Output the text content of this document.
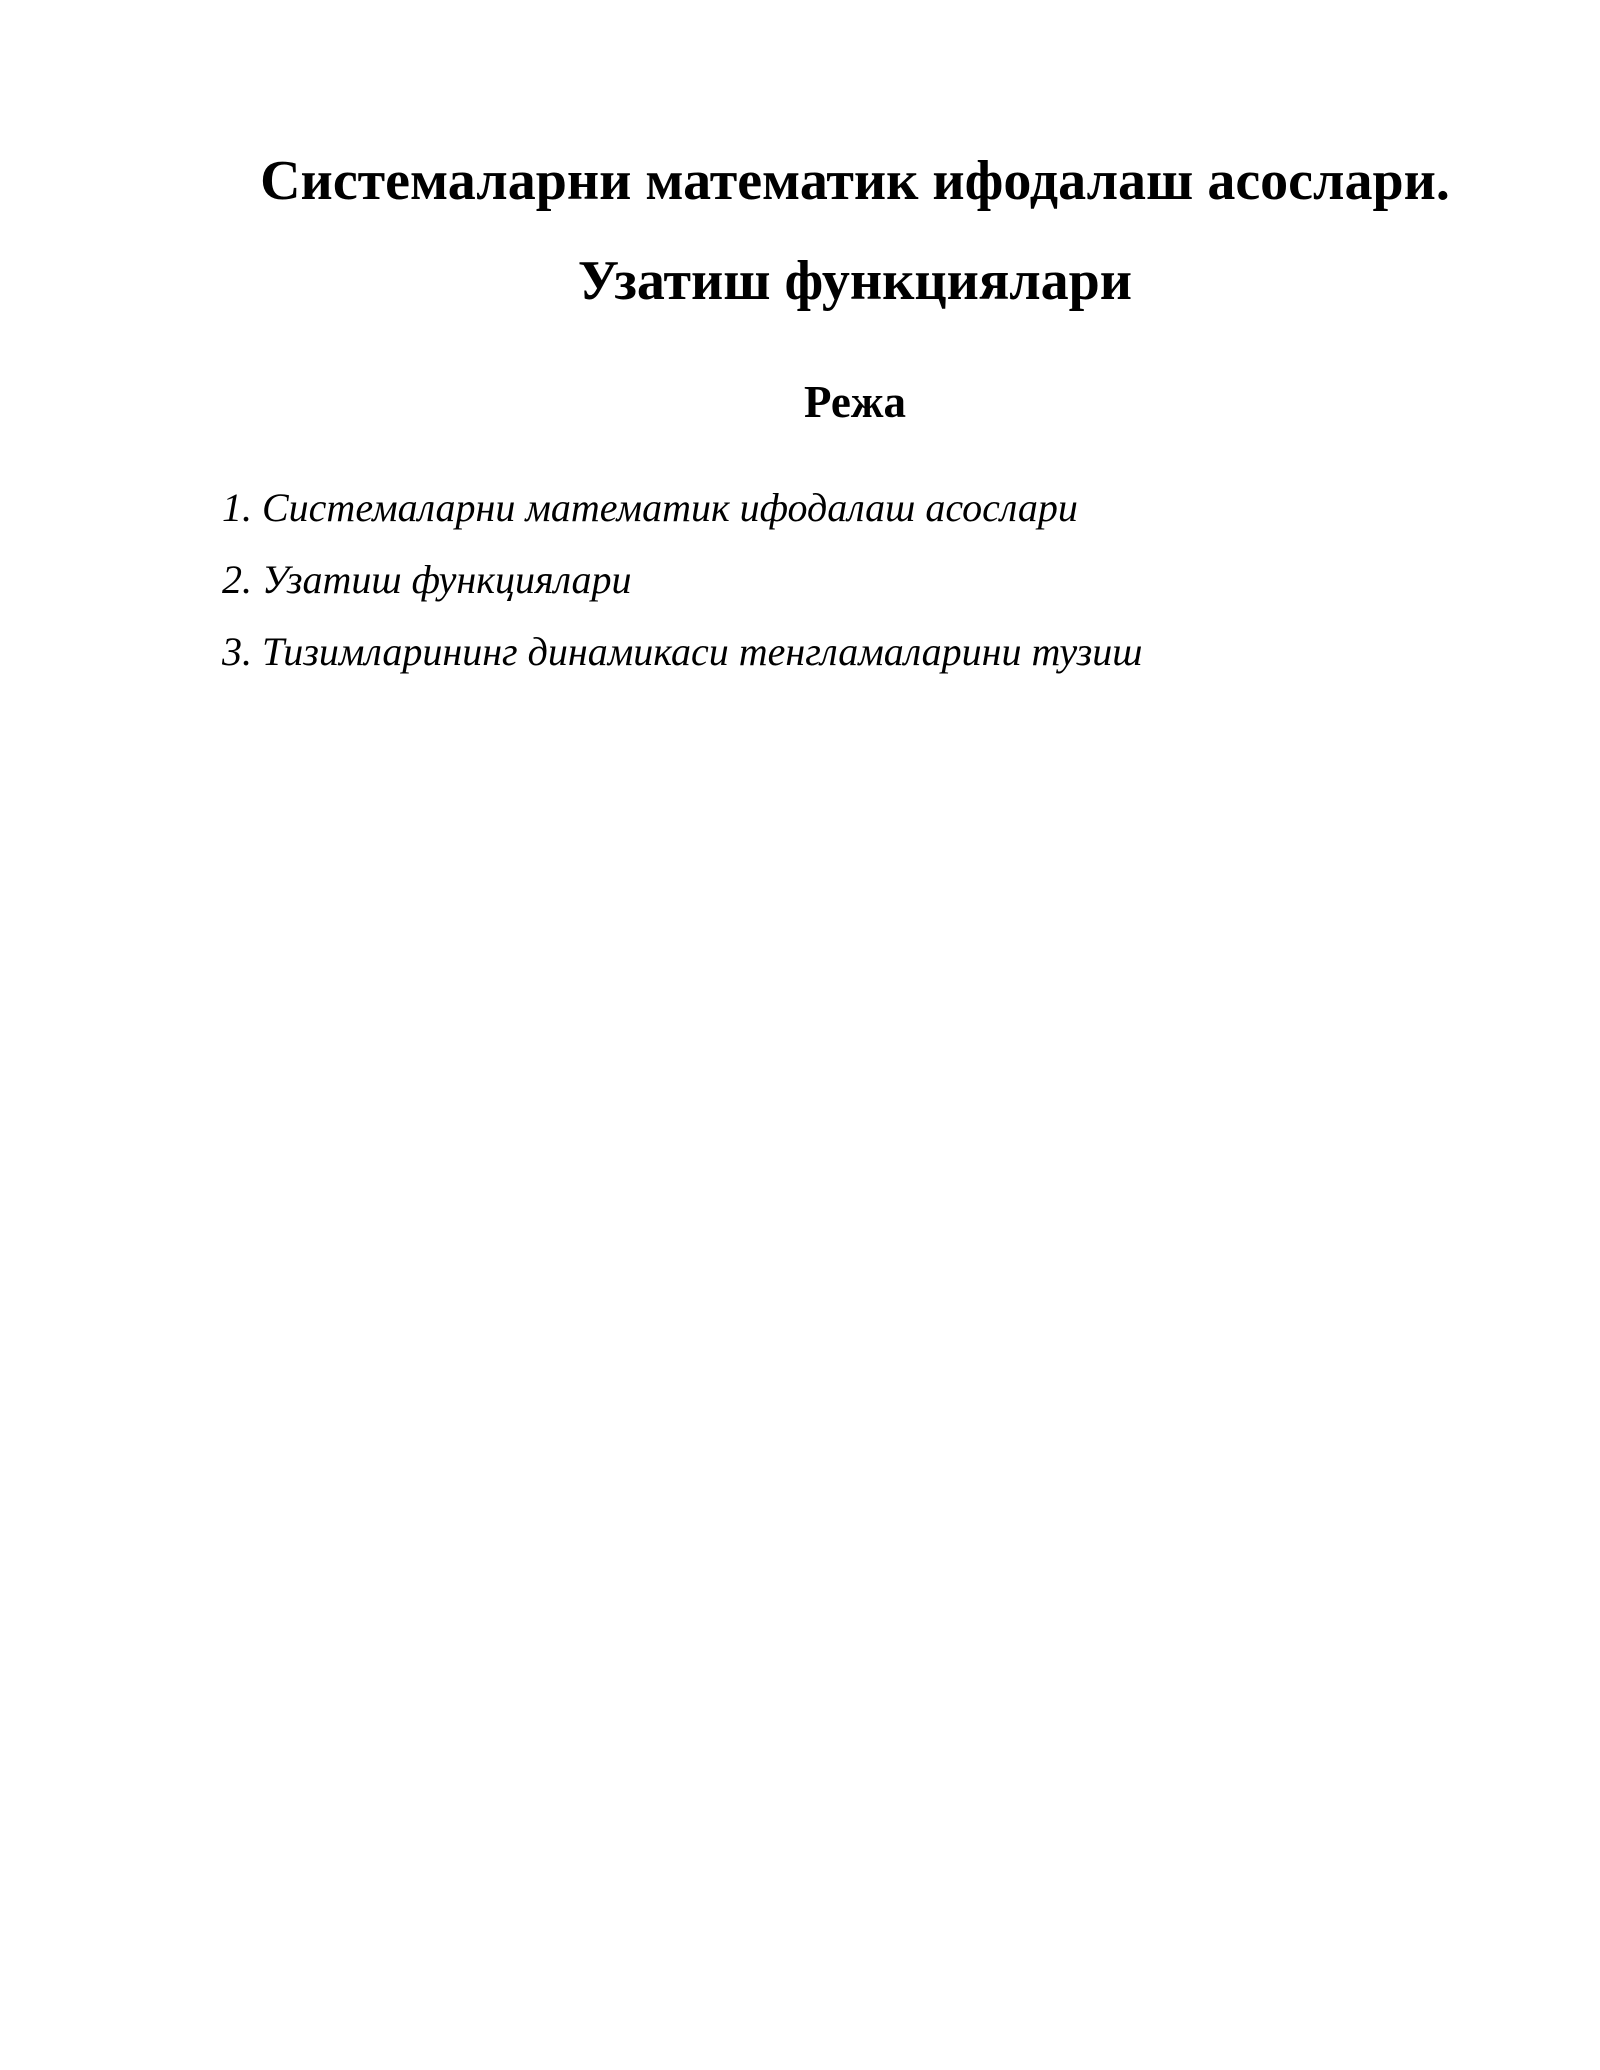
Системаларни математик ифодалаш асослари.
Узатиш функциялари
Режа
1. Системаларни математик ифодалаш асослари
2. Узатиш функциялари
3. Тизимларининг динамикаси тенгламаларини тузиш
